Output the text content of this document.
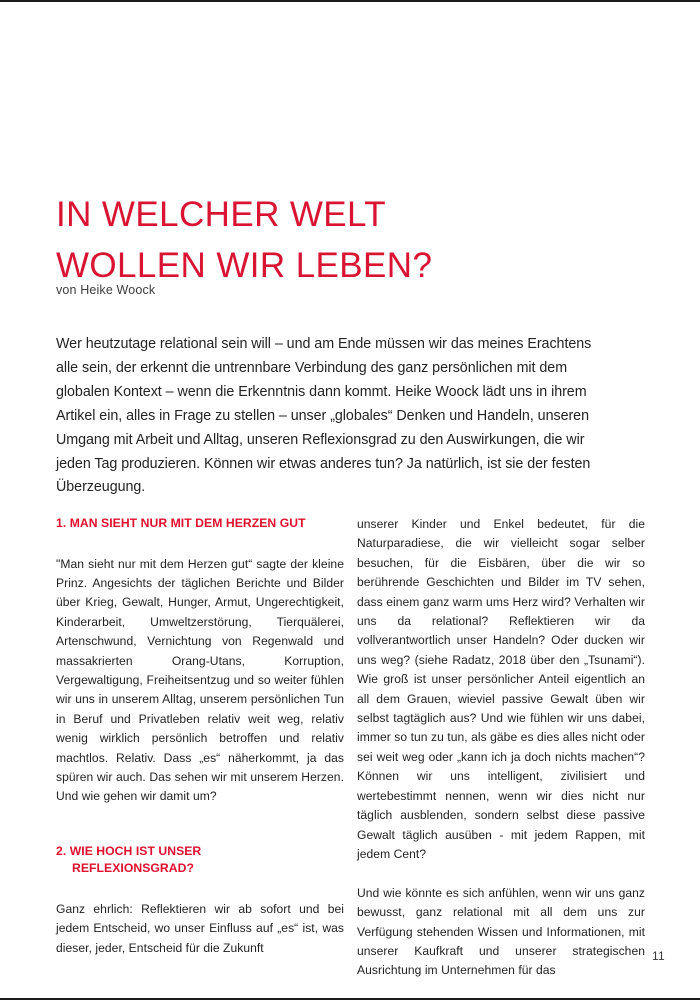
IN WELCHER WELT
WOLLEN WIR LEBEN?
von Heike Woock
Wer heutzutage relational sein will – und am Ende müssen wir das meines Erachtens alle sein, der erkennt die untrennbare Verbindung des ganz persönlichen mit dem globalen Kontext – wenn die Erkenntnis dann kommt. Heike Woock lädt uns in ihrem Artikel ein, alles in Frage zu stellen – unser „globales“ Denken und Handeln, unseren Umgang mit Arbeit und Alltag, unseren Reflexionsgrad zu den Auswirkungen, die wir jeden Tag produzieren. Können wir etwas anderes tun? Ja natürlich, ist sie der festen Überzeugung.

1. MAN SIEHT NUR MIT DEM HERZEN GUT

"Man sieht nur mit dem Herzen gut“ sagte der kleine Prinz. Angesichts der täglichen Berichte und Bilder über Krieg, Gewalt, Hunger, Armut, Ungerechtigkeit, Kinderarbeit, Umweltzerstörung, Tierquälerei, Artenschwund, Vernichtung von Regenwald und massakrierten Orang-Utans, Korruption, Vergewaltigung, Freiheitsentzug und so weiter fühlen wir uns in unserem Alltag, unserem persönlichen Tun in Beruf und Privatleben relativ weit weg, relativ wenig wirklich persönlich betroffen und relativ machtlos. Relativ. Dass „es“ näherkommt, ja das spüren wir auch. Das sehen wir mit unserem Herzen. Und wie gehen wir damit um?

2. WIE HOCH IST UNSER
REFLEXIONSGRAD?

Ganz ehrlich: Reflektieren wir ab sofort und bei jedem Entscheid, wo unser Einfluss auf „es“ ist, was dieser, jeder, Entscheid für die Zukunft

unserer Kinder und Enkel bedeutet, für die Naturparadiese, die wir vielleicht sogar selber besuchen, für die Eisbären, über die wir so berührende Geschichten und Bilder im TV sehen, dass einem ganz warm ums Herz wird? Verhalten wir uns da relational? Reflektieren wir da vollverantwortlich unser Handeln? Oder ducken wir uns weg? (siehe Radatz, 2018 über den „Tsunami“). Wie groß ist unser persönlicher Anteil eigentlich an all dem Grauen, wieviel passive Gewalt üben wir selbst tagtäglich aus? Und wie fühlen wir uns dabei, immer so tun zu tun, als gäbe es dies alles nicht oder sei weit weg oder „kann ich ja doch nichts machen“? Können wir uns intelligent, zivilisiert und wertebestimmt nennen, wenn wir dies nicht nur täglich ausblenden, sondern selbst diese passive Gewalt täglich ausüben - mit jedem Rappen, mit jedem Cent?

Und wie könnte es sich anfühlen, wenn wir uns ganz bewusst, ganz relational mit all dem uns zur Verfügung stehenden Wissen und Informationen, mit unserer Kaufkraft und unserer strategischen Ausrichtung im Unternehmen für das

11
